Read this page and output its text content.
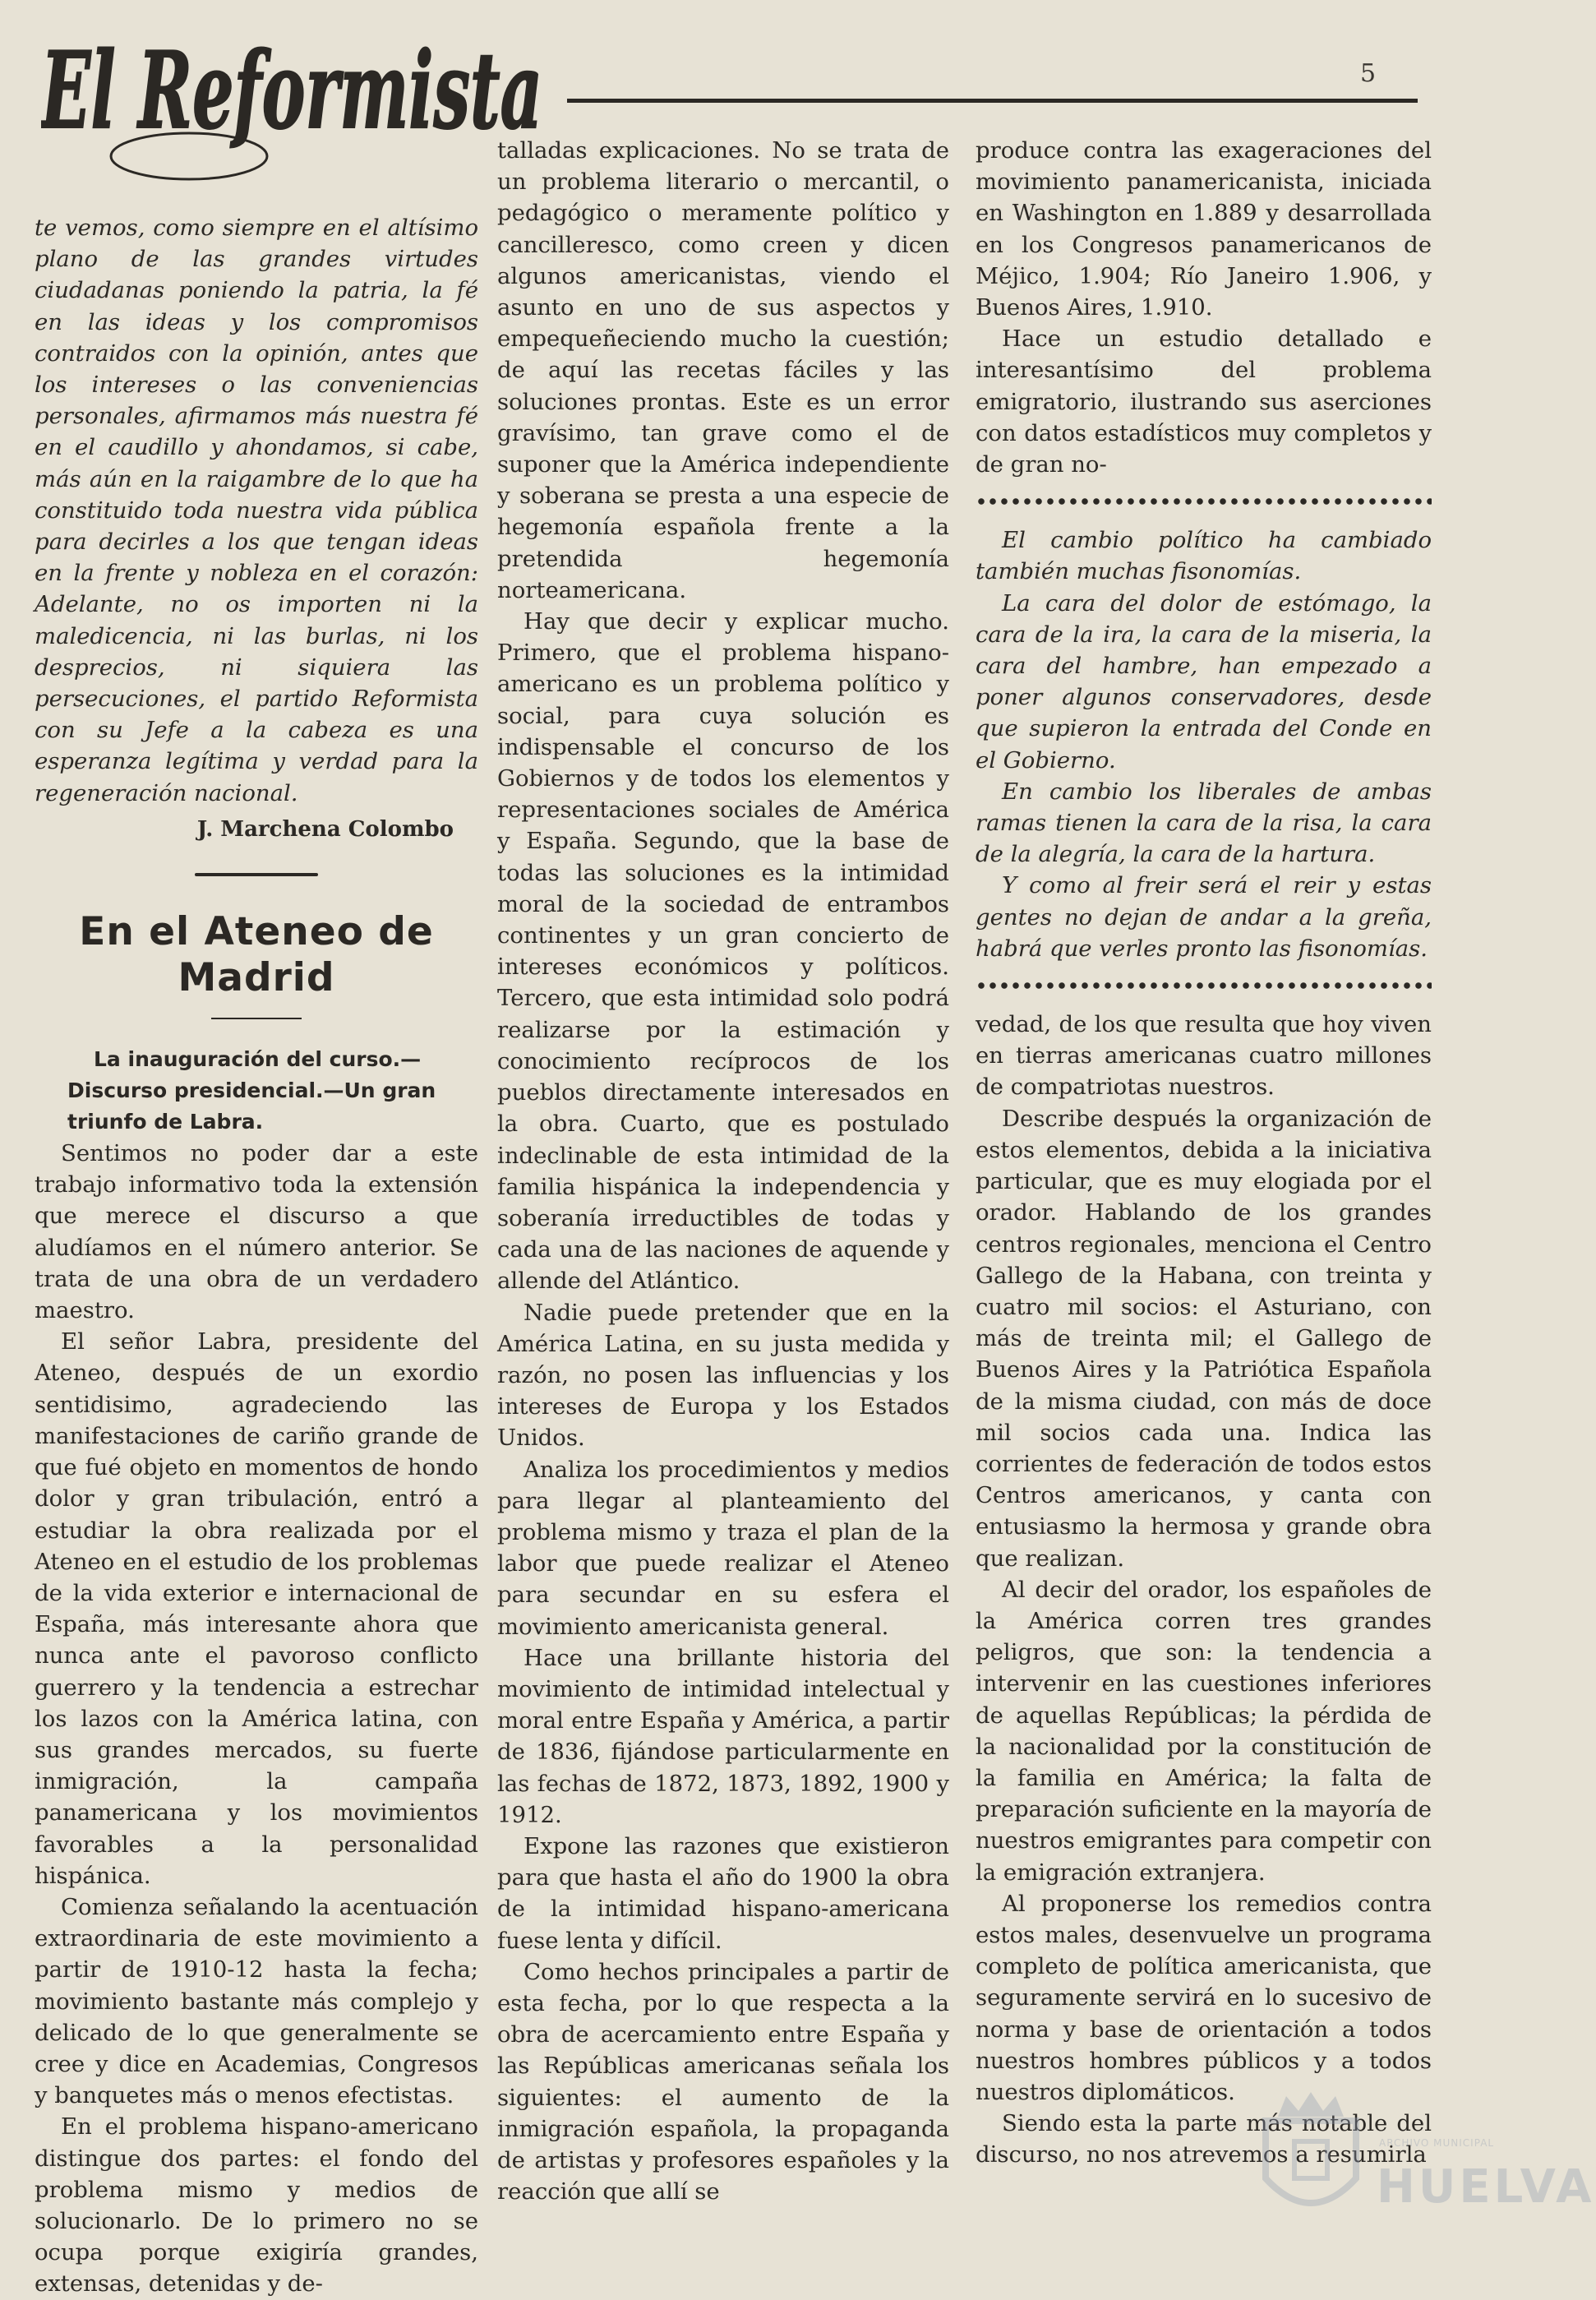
El Reformista	5

te vemos, como siempre en el altísimo plano de las grandes virtudes ciudadanas poniendo la patria, la fé en las ideas y los compromisos contraidos con la opinión, antes que los intereses o las conveniencias personales, afirmamos más nuestra fé en el caudillo y ahondamos, si cabe, más aún en la raigambre de lo que ha constituido toda nuestra vida pública para decirles a los que tengan ideas en la frente y nobleza en el corazón: Adelante, no os importen ni la maledicencia, ni las burlas, ni los desprecios, ni siquiera las persecuciones, el partido Reformista con su Jefe a la cabeza es una esperanza legítima y verdad para la regeneración nacional.

J. Marchena Colombo
En el Ateneo de Madrid

La inauguración del curso.—Discurso presidencial.—Un gran triunfo de Labra.

Sentimos no poder dar a este trabajo informativo toda la extensión que merece el discurso a que aludíamos en el número anterior. Se trata de una obra de un verdadero maestro.

El señor Labra, presidente del Ateneo, después de un exordio sentidisimo, agradeciendo las manifestaciones de cariño grande de que fué objeto en momentos de hondo dolor y gran tribulación, entró a estudiar la obra realizada por el Ateneo en el estudio de los problemas de la vida exterior e internacional de España, más interesante ahora que nunca ante el pavoroso conflicto guerrero y la tendencia a estrechar los lazos con la América latina, con sus grandes mercados, su fuerte inmigración, la campaña panamericana y los movimientos favorables a la personalidad hispánica.

Comienza señalando la acentuación extraordinaria de este movimiento a partir de 1910-12 hasta la fecha; movimiento bastante más complejo y delicado de lo que generalmente se cree y dice en Academias, Congresos y banquetes más o menos efectistas.

En el problema hispano-americano distingue dos partes: el fondo del problema mismo y medios de solucionarlo. De lo primero no se ocupa porque exigiría grandes, extensas, detenidas y de-

talladas explicaciones. No se trata de un problema literario o mercantil, o pedagógico o meramente político y cancilleresco, como creen y dicen algunos americanistas, viendo el asunto en uno de sus aspectos y empequeñeciendo mucho la cuestión; de aquí las recetas fáciles y las soluciones prontas. Este es un error gravísimo, tan grave como el de suponer que la América independiente y soberana se presta a una especie de hegemonía española frente a la pretendida hegemonía norteamericana.

Hay que decir y explicar mucho. Primero, que el problema hispano-americano es un problema político y social, para cuya solución es indispensable el concurso de los Gobiernos y de todos los elementos y representaciones sociales de América y España. Segundo, que la base de todas las soluciones es la intimidad moral de la sociedad de entrambos continentes y un gran concierto de intereses económicos y políticos. Tercero, que esta intimidad solo podrá realizarse por la estimación y conocimiento recíprocos de los pueblos directamente interesados en la obra. Cuarto, que es postulado indeclinable de esta intimidad de la familia hispánica la independencia y soberanía irreductibles de todas y cada una de las naciones de aquende y allende del Atlántico.

Nadie puede pretender que en la América Latina, en su justa medida y razón, no posen las influencias y los intereses de Europa y los Estados Unidos.

Analiza los procedimientos y medios para llegar al planteamiento del problema mismo y traza el plan de la labor que puede realizar el Ateneo para secundar en su esfera el movimiento americanista general.

Hace una brillante historia del movimiento de intimidad intelectual y moral entre España y América, a partir de 1836, fijándose particularmente en las fechas de 1872, 1873, 1892, 1900 y 1912.

Expone las razones que existieron para que hasta el año do 1900 la obra de la intimidad hispano-americana fuese lenta y difícil.

Como hechos principales a partir de esta fecha, por lo que respecta a la obra de acercamiento entre España y las Repúblicas americanas señala los siguientes: el aumento de la inmigración española, la propaganda de artistas y profesores españoles y la reacción que allí se

produce contra las exageraciones del movimiento panamericanista, iniciada en Washington en 1.889 y desarrollada en los Congresos panamericanos de Méjico, 1.904; Río Janeiro 1.906, y Buenos Aires, 1.910.

Hace un estudio detallado e interesantísimo del problema emigratorio, ilustrando sus aserciones con datos estadísticos muy completos y de gran no-

El cambio político ha cambiado también muchas fisonomías.

La cara del dolor de estómago, la cara de la ira, la cara de la miseria, la cara del hambre, han empezado a poner algunos conservadores, desde que supieron la entrada del Conde en el Gobierno.

En cambio los liberales de ambas ramas tienen la cara de la risa, la cara de la alegría, la cara de la hartura.

Y como al freir será el reir y estas gentes no dejan de andar a la greña, habrá que verles pronto las fisonomías.

vedad, de los que resulta que hoy viven en tierras americanas cuatro millones de compatriotas nuestros.

Describe después la organización de estos elementos, debida a la iniciativa particular, que es muy elogiada por el orador. Hablando de los grandes centros regionales, menciona el Centro Gallego de la Habana, con treinta y cuatro mil socios: el Asturiano, con más de treinta mil; el Gallego de Buenos Aires y la Patriótica Española de la misma ciudad, con más de doce mil socios cada una. Indica las corrientes de federación de todos estos Centros americanos, y canta con entusiasmo la hermosa y grande obra que realizan.

Al decir del orador, los españoles de la América corren tres grandes peligros, que son: la tendencia a intervenir en las cuestiones inferiores de aquellas Repúblicas; la pérdida de la nacionalidad por la constitución de la familia en América; la falta de preparación suficiente en la mayoría de nuestros emigrantes para competir con la emigración extranjera.

Al proponerse los remedios contra estos males, desenvuelve un programa completo de política americanista, que seguramente servirá en lo sucesivo de norma y base de orientación a todos nuestros hombres públicos y a todos nuestros diplomáticos.

Siendo esta la parte más notable del discurso, no nos atrevemos a resumirla

ARCHIVO MUNICIPAL
HUELVA
